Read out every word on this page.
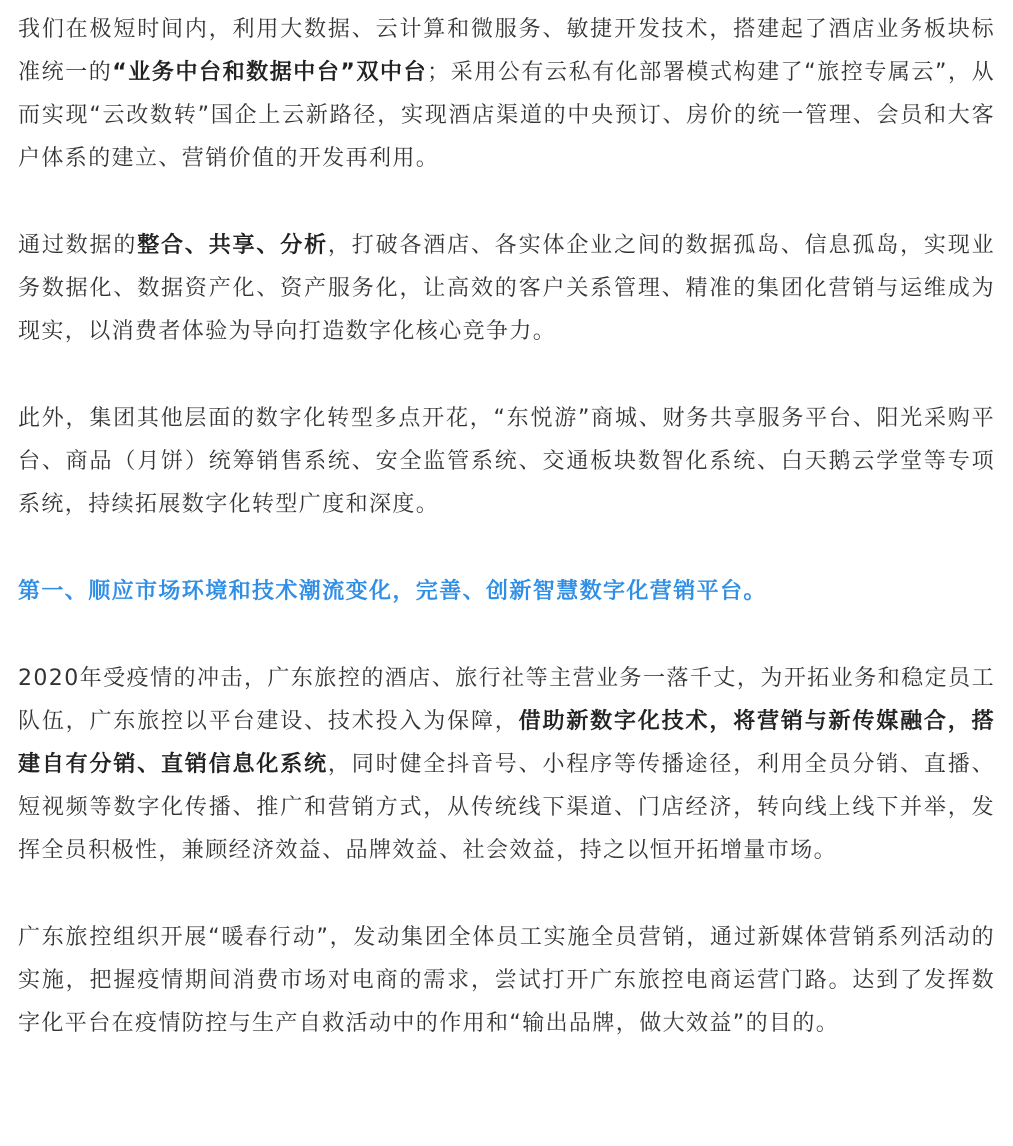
我们在极短时间内，利用大数据、云计算和微服务、敏捷开发技术，搭建起了酒店业务板块标准统一的“业务中台和数据中台”双中台；采用公有云私有化部署模式构建了“旅控专属云”，从而实现“云改数转”国企上云新路径，实现酒店渠道的中央预订、房价的统一管理、会员和大客户体系的建立、营销价值的开发再利用。

通过数据的整合、共享、分析，打破各酒店、各实体企业之间的数据孤岛、信息孤岛，实现业务数据化、数据资产化、资产服务化，让高效的客户关系管理、精准的集团化营销与运维成为现实，以消费者体验为导向打造数字化核心竞争力。

此外，集团其他层面的数字化转型多点开花，“东悦游”商城、财务共享服务平台、阳光采购平台、商品（月饼）统筹销售系统、安全监管系统、交通板块数智化系统、白天鹅云学堂等专项系统，持续拓展数字化转型广度和深度。

第一、顺应市场环境和技术潮流变化，完善、创新智慧数字化营销平台。

2020年受疫情的冲击，广东旅控的酒店、旅行社等主营业务一落千丈，为开拓业务和稳定员工队伍，广东旅控以平台建设、技术投入为保障，借助新数字化技术，将营销与新传媒融合，搭建自有分销、直销信息化系统，同时健全抖音号、小程序等传播途径，利用全员分销、直播、短视频等数字化传播、推广和营销方式，从传统线下渠道、门店经济，转向线上线下并举，发挥全员积极性，兼顾经济效益、品牌效益、社会效益，持之以恒开拓增量市场。

广东旅控组织开展“暖春行动”，发动集团全体员工实施全员营销，通过新媒体营销系列活动的实施，把握疫情期间消费市场对电商的需求，尝试打开广东旅控电商运营门路。达到了发挥数字化平台在疫情防控与生产自救活动中的作用和“输出品牌，做大效益”的目的。
